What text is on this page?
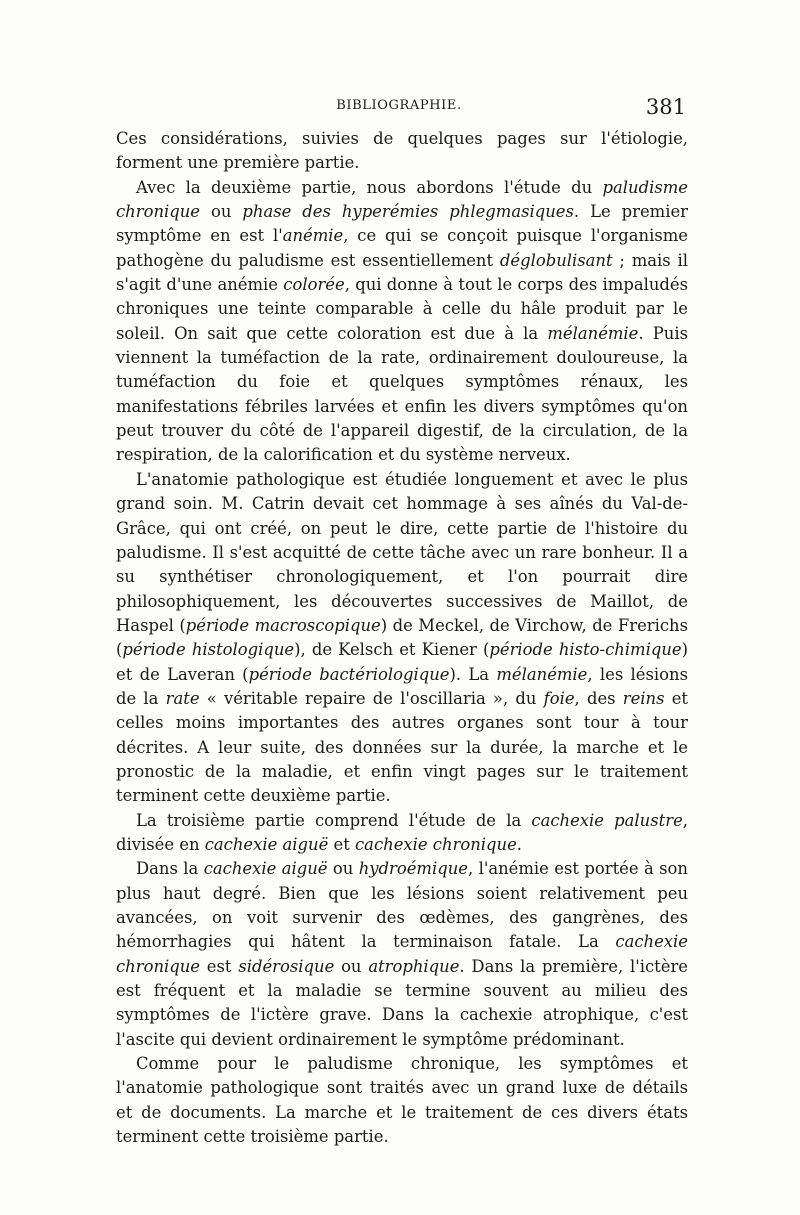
BIBLIOGRAPHIE.	381

Ces considérations, suivies de quelques pages sur l'étiologie, forment une première partie.

Avec la deuxième partie, nous abordons l'étude du paludisme chronique ou phase des hyperémies phlegmasiques. Le premier symptôme en est l'anémie, ce qui se conçoit puisque l'organisme pathogène du paludisme est essentiellement déglobulisant ; mais il s'agit d'une anémie colorée, qui donne à tout le corps des impaludés chroniques une teinte comparable à celle du hâle produit par le soleil. On sait que cette coloration est due à la mélanémie. Puis viennent la tuméfaction de la rate, ordinairement douloureuse, la tuméfaction du foie et quelques symptômes rénaux, les manifestations fébriles larvées et enfin les divers symptômes qu'on peut trouver du côté de l'appareil digestif, de la circulation, de la respiration, de la calorification et du système nerveux.

L'anatomie pathologique est étudiée longuement et avec le plus grand soin. M. Catrin devait cet hommage à ses aînés du Val-de-Grâce, qui ont créé, on peut le dire, cette partie de l'histoire du paludisme. Il s'est acquitté de cette tâche avec un rare bonheur. Il a su synthétiser chronologiquement, et l'on pourrait dire philosophiquement, les découvertes successives de Maillot, de Haspel (période macroscopique) de Meckel, de Virchow, de Frerichs (période histologique), de Kelsch et Kiener (période histo-chimique) et de Laveran (période bactériologique). La mélanémie, les lésions de la rate « véritable repaire de l'oscillaria », du foie, des reins et celles moins importantes des autres organes sont tour à tour décrites. A leur suite, des données sur la durée, la marche et le pronostic de la maladie, et enfin vingt pages sur le traitement terminent cette deuxième partie.

La troisième partie comprend l'étude de la cachexie palustre, divisée en cachexie aiguë et cachexie chronique.

Dans la cachexie aiguë ou hydroémique, l'anémie est portée à son plus haut degré. Bien que les lésions soient relativement peu avancées, on voit survenir des œdèmes, des gangrènes, des hémorrhagies qui hâtent la terminaison fatale. La cachexie chronique est sidérosique ou atrophique. Dans la première, l'ictère est fréquent et la maladie se termine souvent au milieu des symptômes de l'ictère grave. Dans la cachexie atrophique, c'est l'ascite qui devient ordinairement le symptôme prédominant.

Comme pour le paludisme chronique, les symptômes et l'anatomie pathologique sont traités avec un grand luxe de détails et de documents. La marche et le traitement de ces divers états terminent cette troisième partie.
